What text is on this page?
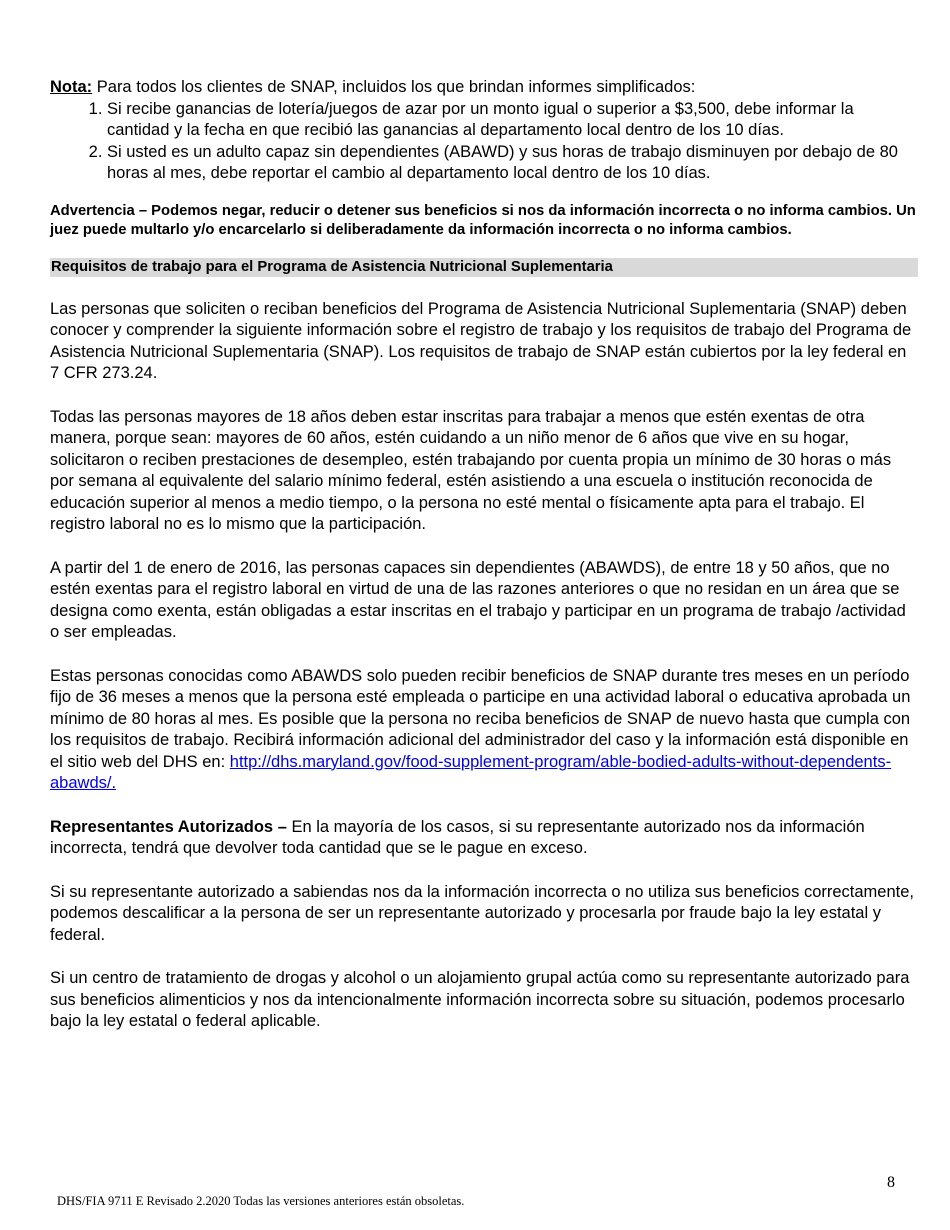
Nota: Para todos los clientes de SNAP, incluidos los que brindan informes simplificados:

1. Si recibe ganancias de lotería/juegos de azar por un monto igual o superior a $3,500, debe informar la cantidad y la fecha en que recibió las ganancias al departamento local dentro de los 10 días.
2. Si usted es un adulto capaz sin dependientes (ABAWD) y sus horas de trabajo disminuyen por debajo de 80 horas al mes, debe reportar el cambio al departamento local dentro de los 10 días.

Advertencia – Podemos negar, reducir o detener sus beneficios si nos da información incorrecta o no informa cambios. Un juez puede multarlo y/o encarcelarlo si deliberadamente da información incorrecta o no informa cambios.

Requisitos de trabajo para el Programa de Asistencia Nutricional Suplementaria

Las personas que soliciten o reciban beneficios del Programa de Asistencia Nutricional Suplementaria (SNAP) deben conocer y comprender la siguiente información sobre el registro de trabajo y los requisitos de trabajo del Programa de Asistencia Nutricional Suplementaria (SNAP). Los requisitos de trabajo de SNAP están cubiertos por la ley federal en 7 CFR 273.24.

Todas las personas mayores de 18 años deben estar inscritas para trabajar a menos que estén exentas de otra manera, porque sean: mayores de 60 años, estén cuidando a un niño menor de 6 años que vive en su hogar, solicitaron o reciben prestaciones de desempleo, estén trabajando por cuenta propia un mínimo de 30 horas o más por semana al equivalente del salario mínimo federal, estén asistiendo a una escuela o institución reconocida de educación superior al menos a medio tiempo, o la persona no esté mental o físicamente apta para el trabajo. El registro laboral no es lo mismo que la participación.

A partir del 1 de enero de 2016, las personas capaces sin dependientes (ABAWDS), de entre 18 y 50 años, que no estén exentas para el registro laboral en virtud de una de las razones anteriores o que no residan en un área que se designa como exenta, están obligadas a estar inscritas en el trabajo y participar en un programa de trabajo /actividad o ser empleadas.

Estas personas conocidas como ABAWDS solo pueden recibir beneficios de SNAP durante tres meses en un período fijo de 36 meses a menos que la persona esté empleada o participe en una actividad laboral o educativa aprobada un mínimo de 80 horas al mes. Es posible que la persona no reciba beneficios de SNAP de nuevo hasta que cumpla con los requisitos de trabajo. Recibirá información adicional del administrador del caso y la información está disponible en el sitio web del DHS en: http://dhs.maryland.gov/food-supplement-program/able-bodied-adults-without-dependents-abawds/.

Representantes Autorizados – En la mayoría de los casos, si su representante autorizado nos da información incorrecta, tendrá que devolver toda cantidad que se le pague en exceso.

Si su representante autorizado a sabiendas nos da la información incorrecta o no utiliza sus beneficios correctamente, podemos descalificar a la persona de ser un representante autorizado y procesarla por fraude bajo la ley estatal y federal.

Si un centro de tratamiento de drogas y alcohol o un alojamiento grupal actúa como su representante autorizado para sus beneficios alimenticios y nos da intencionalmente información incorrecta sobre su situación, podemos procesarlo bajo la ley estatal o federal aplicable.

8
DHS/FIA 9711 E Revisado 2.2020 Todas las versiones anteriores están obsoletas.
